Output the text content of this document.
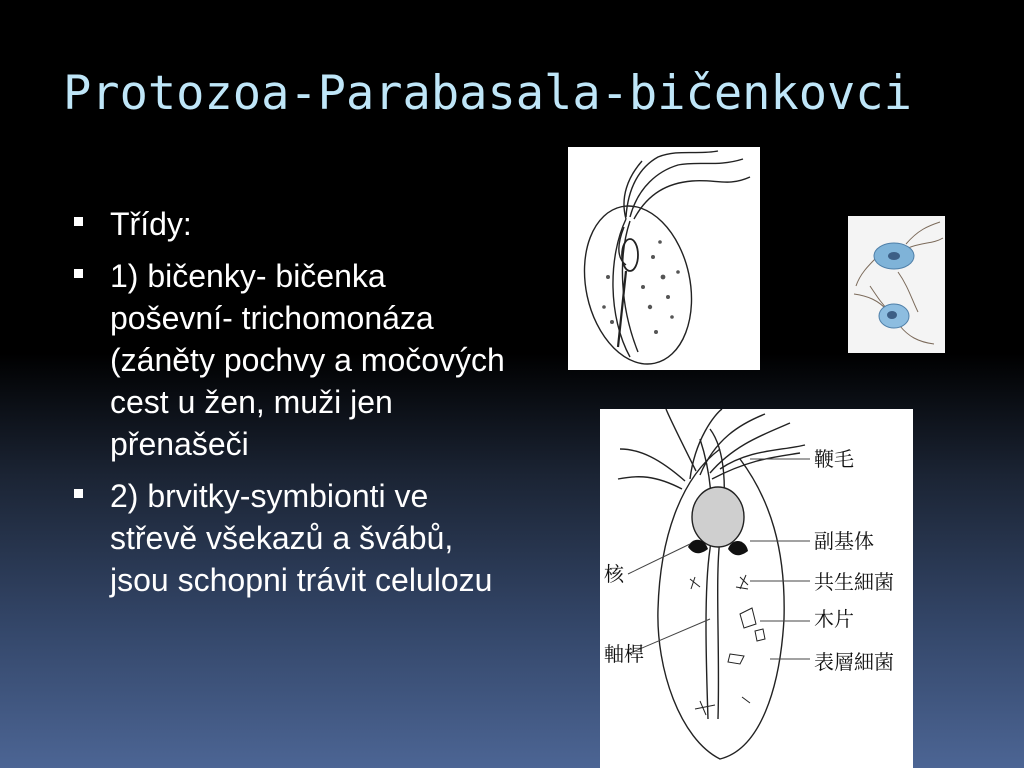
Protozoa-Parabasala-bičenkovci
Třídy:
1) bičenky- bičenka poševní- trichomonáza (záněty pochvy a močových cest u žen, muži jen přenašeči
2) brvitky-symbionti ve střevě všekazů a švábů, jsou schopni trávit celulozu
鞭毛
副基体
共生細菌
木片
表層細菌
核
軸桿
